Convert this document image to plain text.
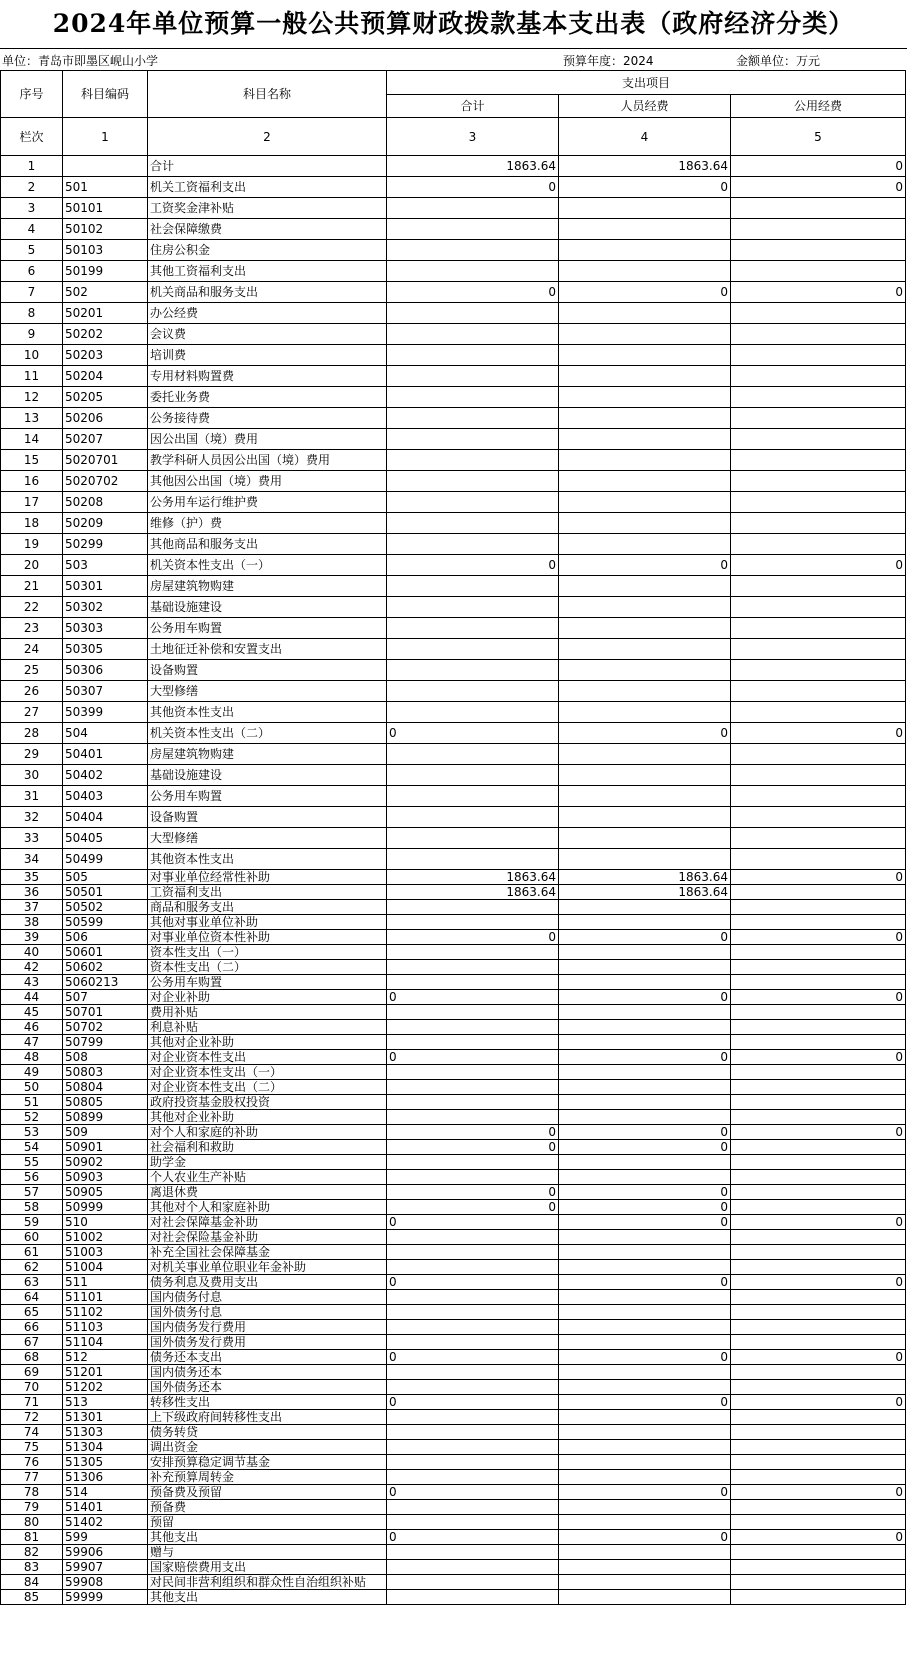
2024年单位预算一般公共预算财政拨款基本支出表（政府经济分类）
单位：青岛市即墨区岘山小学	预算年度：2024	金额单位：万元
序号	科目编码	科目名称	支出项目		
			合计	人员经费	公用经费
栏次	1	2	3	4	5
1		合计	1863.64	1863.64	0
2	501	机关工资福利支出	0	0	0
3	50101	工资奖金津补贴			
4	50102	社会保障缴费			
5	50103	住房公积金			
6	50199	其他工资福利支出			
7	502	机关商品和服务支出	0	0	0
8	50201	办公经费			
9	50202	会议费			
10	50203	培训费			
11	50204	专用材料购置费			
12	50205	委托业务费			
13	50206	公务接待费			
14	50207	因公出国（境）费用			
15	5020701	教学科研人员因公出国（境）费用			
16	5020702	其他因公出国（境）费用			
17	50208	公务用车运行维护费			
18	50209	维修（护）费			
19	50299	其他商品和服务支出			
20	503	机关资本性支出（一）	0	0	0
21	50301	房屋建筑物购建			
22	50302	基础设施建设			
23	50303	公务用车购置			
24	50305	土地征迁补偿和安置支出			
25	50306	设备购置			
26	50307	大型修缮			
27	50399	其他资本性支出			
28	504	机关资本性支出（二）	0	0	0
29	50401	房屋建筑物购建			
30	50402	基础设施建设			
31	50403	公务用车购置			
32	50404	设备购置			
33	50405	大型修缮			
34	50499	其他资本性支出			
35	505	对事业单位经常性补助	1863.64	1863.64	0
36	50501	工资福利支出	1863.64	1863.64	
37	50502	商品和服务支出			
38	50599	其他对事业单位补助			
39	506	对事业单位资本性补助	0	0	0
40	50601	资本性支出（一）			
42	50602	资本性支出（二）			
43	5060213	公务用车购置			
44	507	对企业补助	0	0	0
45	50701	费用补贴			
46	50702	利息补贴			
47	50799	其他对企业补助			
48	508	对企业资本性支出	0	0	0
49	50803	对企业资本性支出（一）			
50	50804	对企业资本性支出（二）			
51	50805	政府投资基金股权投资			
52	50899	其他对企业补助			
53	509	对个人和家庭的补助	0	0	0
54	50901	社会福利和救助	0	0	
55	50902	助学金			
56	50903	个人农业生产补贴			
57	50905	离退休费	0	0	
58	50999	其他对个人和家庭补助	0	0	
59	510	对社会保障基金补助	0	0	0
60	51002	对社会保险基金补助			
61	51003	补充全国社会保障基金			
62	51004	对机关事业单位职业年金补助			
63	511	债务利息及费用支出	0	0	0
64	51101	国内债务付息			
65	51102	国外债务付息			
66	51103	国内债务发行费用			
67	51104	国外债务发行费用			
68	512	债务还本支出	0	0	0
69	51201	国内债务还本			
70	51202	国外债务还本			
71	513	转移性支出	0	0	0
72	51301	上下级政府间转移性支出			
74	51303	债务转贷			
75	51304	调出资金			
76	51305	安排预算稳定调节基金			
77	51306	补充预算周转金			
78	514	预备费及预留	0	0	0
79	51401	预备费			
80	51402	预留			
81	599	其他支出	0	0	0
82	59906	赠与			
83	59907	国家赔偿费用支出			
84	59908	对民间非营利组织和群众性自治组织补贴			
85	59999	其他支出			
